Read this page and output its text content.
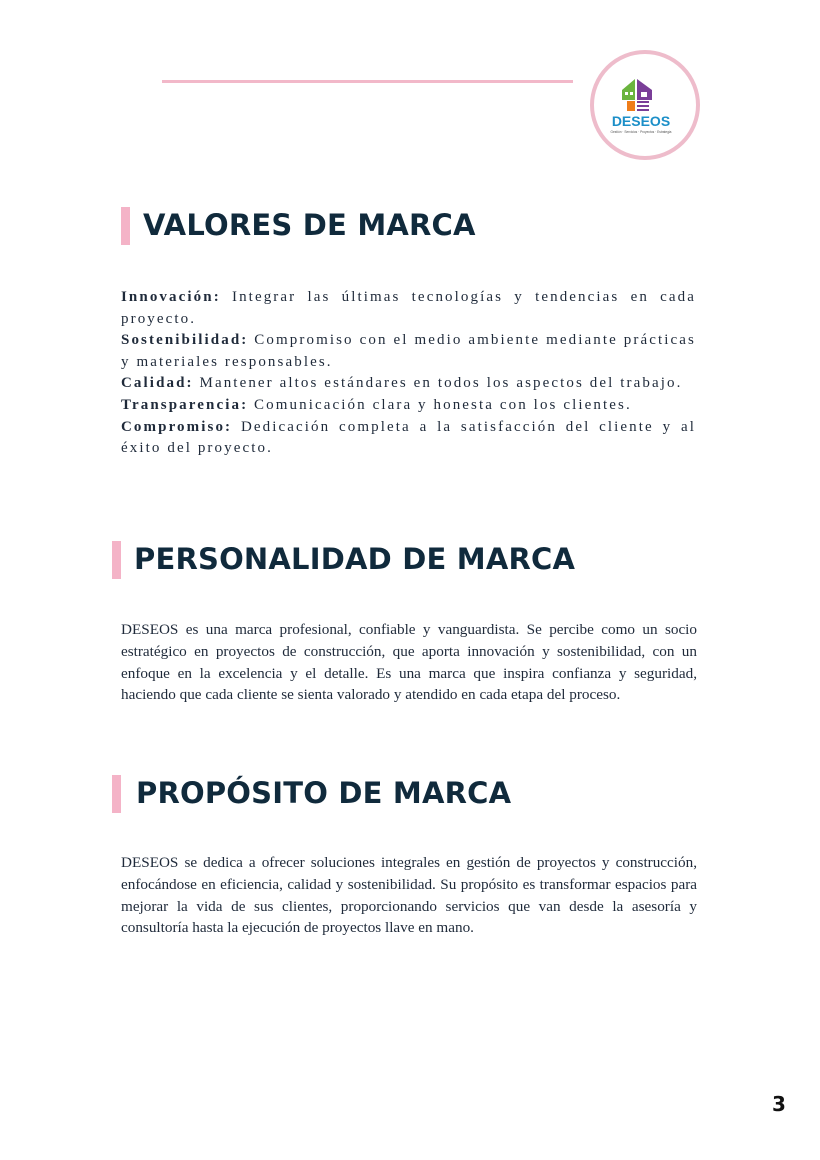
DESEOS
Gestión · Servicios · Proyectos · Estrategia
VALORES DE MARCA

Innovación: Integrar las últimas tecnologías y tendencias en cada proyecto.

Sostenibilidad: Compromiso con el medio ambiente mediante prácticas y materiales responsables.

Calidad: Mantener altos estándares en todos los aspectos del trabajo.

Transparencia: Comunicación clara y honesta con los clientes.

Compromiso: Dedicación completa a la satisfacción del cliente y al éxito del proyecto.

PERSONALIDAD DE MARCA

DESEOS es una marca profesional, confiable y vanguardista. Se percibe como un socio estratégico en proyectos de construcción, que aporta innovación y sostenibilidad, con un enfoque en la excelencia y el detalle. Es una marca que inspira confianza y seguridad, haciendo que cada cliente se sienta valorado y atendido en cada etapa del proceso.

PROPÓSITO DE MARCA

DESEOS se dedica a ofrecer soluciones integrales en gestión de proyectos y construcción, enfocándose en eficiencia, calidad y sostenibilidad. Su propósito es transformar espacios para mejorar la vida de sus clientes, proporcionando servicios que van desde la asesoría y consultoría hasta la ejecución de proyectos llave en mano.

3
